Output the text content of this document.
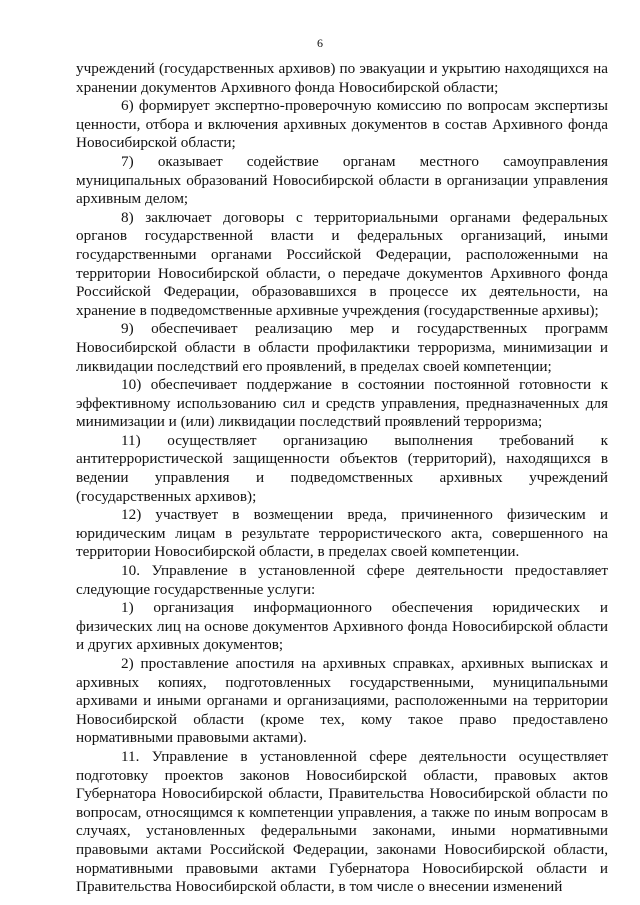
6

учреждений (государственных архивов) по эвакуации и укрытию находящихся на хранении документов Архивного фонда Новосибирской области;

6) формирует экспертно-проверочную комиссию по вопросам экспертизы ценности, отбора и включения архивных документов в состав Архивного фонда Новосибирской области;

7) оказывает содействие органам местного самоуправления муниципальных образований Новосибирской области в организации управления архивным делом;

8) заключает договоры с территориальными органами федеральных органов государственной власти и федеральных организаций, иными государственными органами Российской Федерации, расположенными на территории Новосибирской области, о передаче документов Архивного фонда Российской Федерации, образовавшихся в процессе их деятельности, на хранение в подведомственные архивные учреждения (государственные архивы);

9) обеспечивает реализацию мер и государственных программ Новосибирской области в области профилактики терроризма, минимизации и ликвидации последствий его проявлений, в пределах своей компетенции;

10) обеспечивает поддержание в состоянии постоянной готовности к эффективному использованию сил и средств управления, предназначенных для минимизации и (или) ликвидации последствий проявлений терроризма;

11) осуществляет организацию выполнения требований к антитеррористической защищенности объектов (территорий), находящихся в ведении управления и подведомственных архивных учреждений (государственных архивов);

12) участвует в возмещении вреда, причиненного физическим и юридическим лицам в результате террористического акта, совершенного на территории Новосибирской области, в пределах своей компетенции.

10. Управление в установленной сфере деятельности предоставляет следующие государственные услуги:

1) организация информационного обеспечения юридических и физических лиц на основе документов Архивного фонда Новосибирской области и других архивных документов;

2) проставление апостиля на архивных справках, архивных выписках и архивных копиях, подготовленных государственными, муниципальными архивами и иными органами и организациями, расположенными на территории Новосибирской области (кроме тех, кому такое право предоставлено нормативными правовыми актами).

11. Управление в установленной сфере деятельности осуществляет подготовку проектов законов Новосибирской области, правовых актов Губернатора Новосибирской области, Правительства Новосибирской области по вопросам, относящимся к компетенции управления, а также по иным вопросам в случаях, установленных федеральными законами, иными нормативными правовыми актами Российской Федерации, законами Новосибирской области, нормативными правовыми актами Губернатора Новосибирской области и Правительства Новосибирской области, в том числе о внесении изменений
